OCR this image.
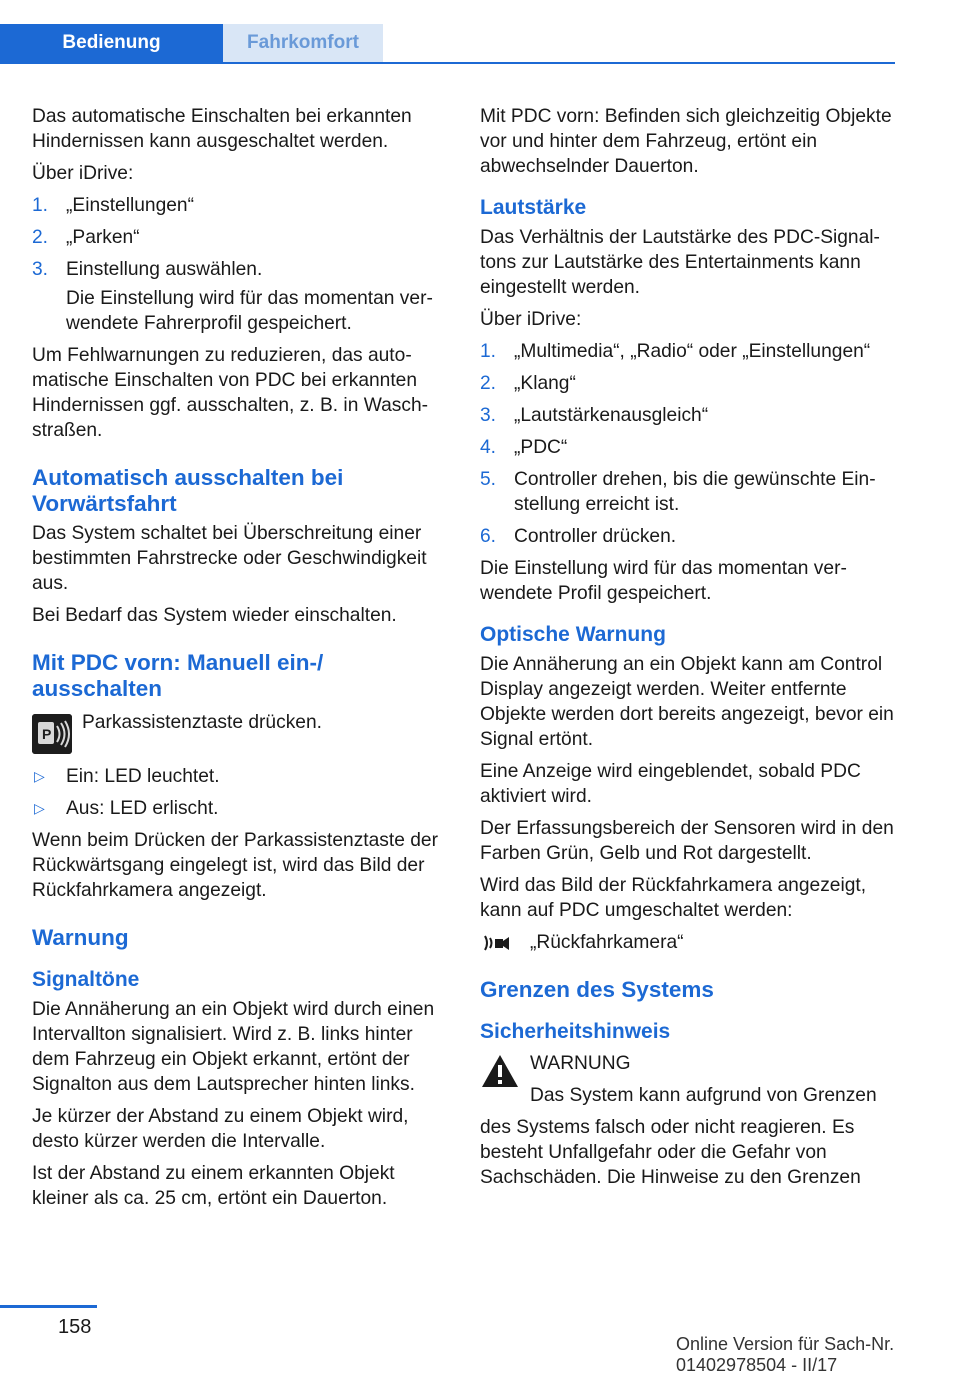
Bedienung	Fahrkomfort

Das automatische Einschalten bei erkannten Hindernissen kann ausgeschaltet werden.

Über iDrive:

1. „Einstellungen“
2. „Parken“
3. Einstellung auswählen.

Die Einstellung wird für das momentan verwendete Fahrerprofil gespeichert.

Um Fehlwarnungen zu reduzieren, das automatische Einschalten von PDC bei erkannten Hindernissen ggf. ausschalten, z. B. in Waschstraßen.

Automatisch ausschalten bei Vorwärtsfahrt

Das System schaltet bei Überschreitung einer bestimmten Fahrstrecke oder Geschwindigkeit aus.

Bei Bedarf das System wieder einschalten.

Mit PDC vorn: Manuell ein-/ ausschalten
P
Parkassistenztaste drücken.
▷ Ein: LED leuchtet.
▷ Aus: LED erlischt.

Wenn beim Drücken der Parkassistenztaste der Rückwärtsgang eingelegt ist, wird das Bild der Rückfahrkamera angezeigt.

Warnung
Signaltöne

Die Annäherung an ein Objekt wird durch einen Intervallton signalisiert. Wird z. B. links hinter dem Fahrzeug ein Objekt erkannt, ertönt der Signalton aus dem Lautsprecher hinten links.

Je kürzer der Abstand zu einem Objekt wird, desto kürzer werden die Intervalle.

Ist der Abstand zu einem erkannten Objekt kleiner als ca. 25 cm, ertönt ein Dauerton.

Mit PDC vorn: Befinden sich gleichzeitig Objekte vor und hinter dem Fahrzeug, ertönt ein abwechselnder Dauerton.

Lautstärke

Das Verhältnis der Lautstärke des PDC-Signaltons zur Lautstärke des Entertainments kann eingestellt werden.

Über iDrive:

1. „Multimedia“, „Radio“ oder „Einstellungen“
2. „Klang“
3. „Lautstärkenausgleich“
4. „PDC“
5. Controller drehen, bis die gewünschte Einstellung erreicht ist.
6. Controller drücken.

Die Einstellung wird für das momentan verwendete Profil gespeichert.

Optische Warnung

Die Annäherung an ein Objekt kann am Control Display angezeigt werden. Weiter entfernte Objekte werden dort bereits angezeigt, bevor ein Signal ertönt.

Eine Anzeige wird eingeblendet, sobald PDC aktiviert wird.

Der Erfassungsbereich der Sensoren wird in den Farben Grün, Gelb und Rot dargestellt.

Wird das Bild der Rückfahrkamera angezeigt, kann auf PDC umgeschaltet werden:

„Rückfahrkamera“
Grenzen des Systems
Sicherheitshinweis

WARNUNG

Das System kann aufgrund von Grenzen

des Systems falsch oder nicht reagieren. Es besteht Unfallgefahr oder die Gefahr von Sachschäden. Die Hinweise zu den Grenzen

158
Online Version für Sach-Nr. 01402978504 - II/17
